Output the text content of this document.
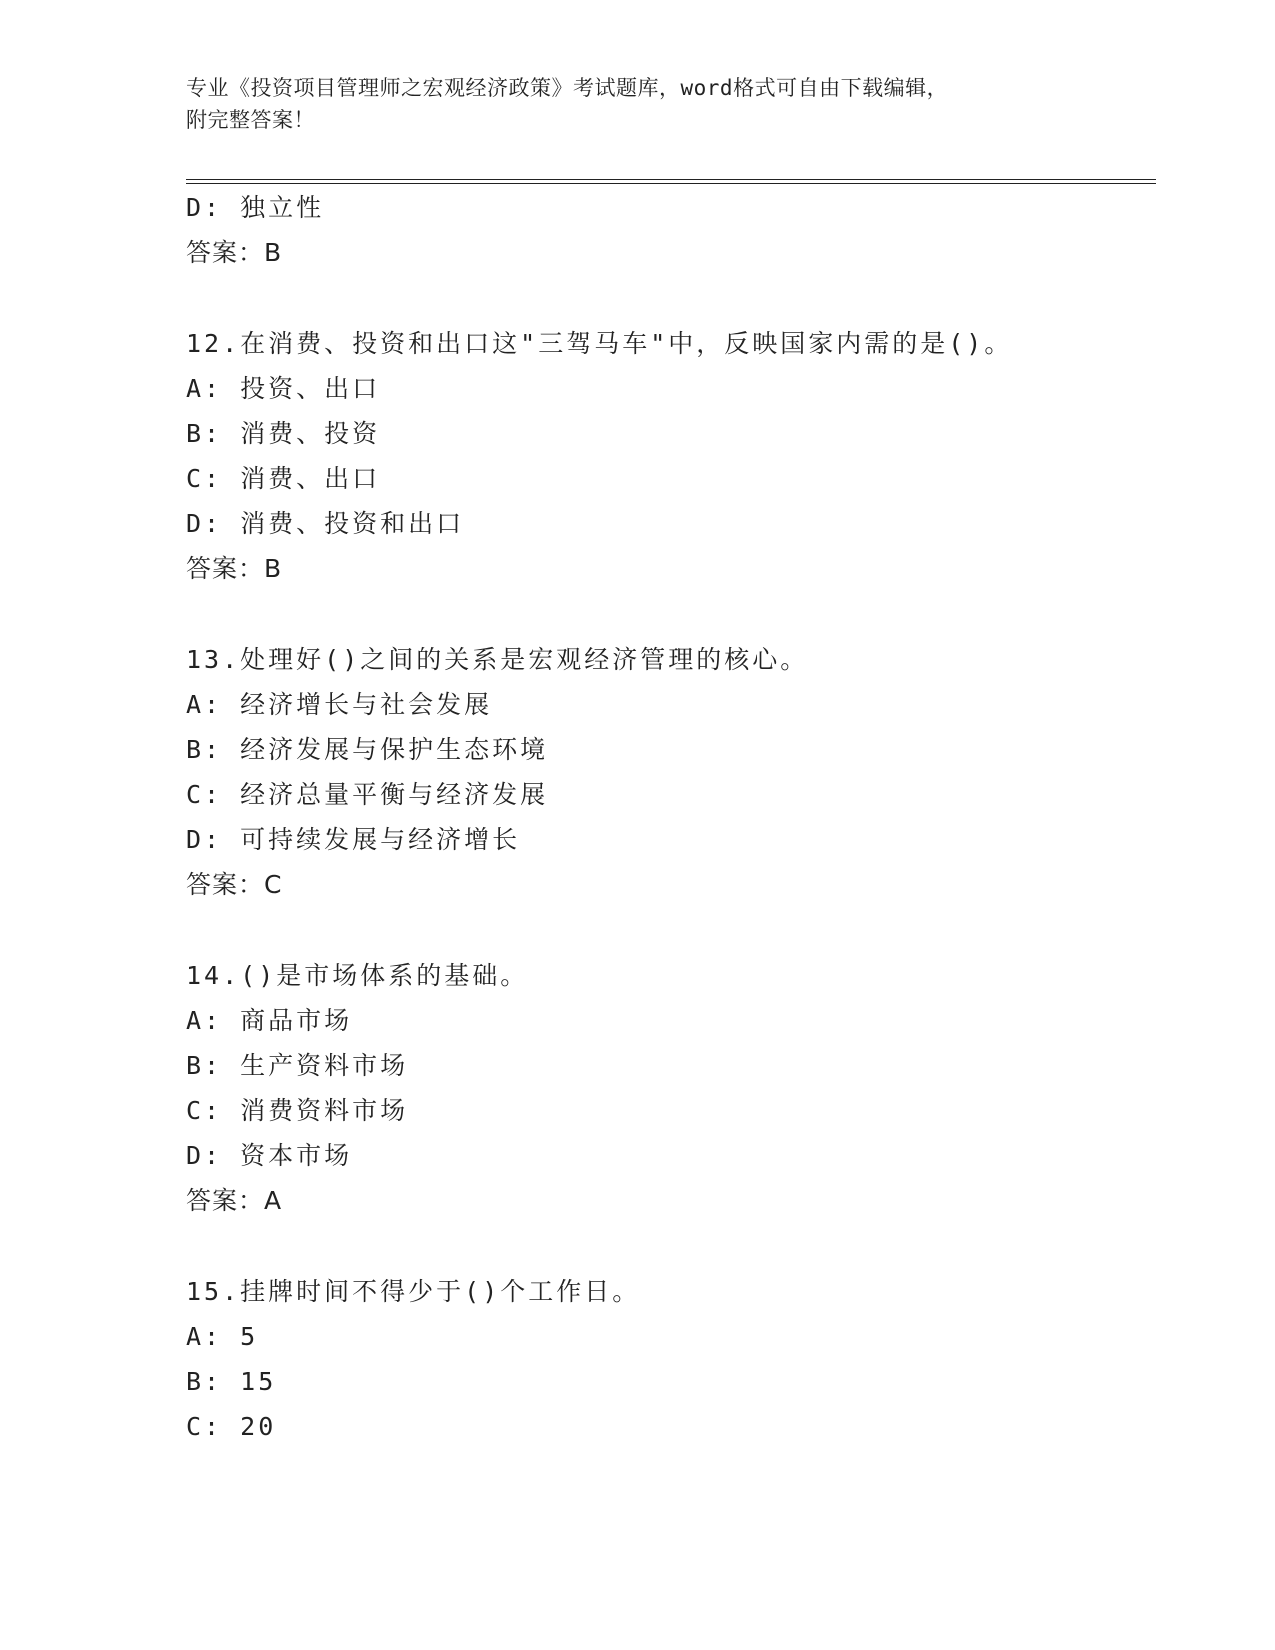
专业《投资项目管理师之宏观经济政策》考试题库，word格式可自由下载编辑，
附完整答案！
D: 独立性
答案：B
12.在消费、投资和出口这"三驾马车"中，反映国家内需的是()。
A: 投资、出口
B: 消费、投资
C: 消费、出口
D: 消费、投资和出口
答案：B
13.处理好()之间的关系是宏观经济管理的核心。
A: 经济增长与社会发展
B: 经济发展与保护生态环境
C: 经济总量平衡与经济发展
D: 可持续发展与经济增长
答案：C
14.()是市场体系的基础。
A: 商品市场
B: 生产资料市场
C: 消费资料市场
D: 资本市场
答案：A
15.挂牌时间不得少于()个工作日。
A: 5
B: 15
C: 20
